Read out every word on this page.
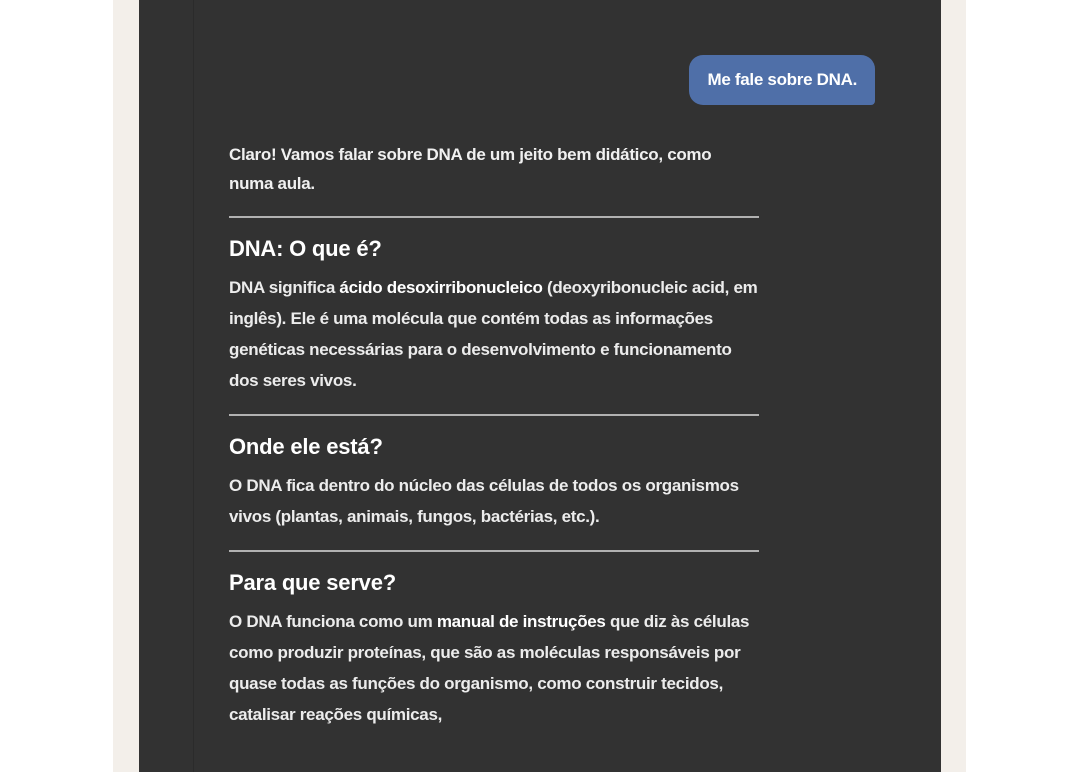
Me fale sobre DNA.

Claro! Vamos falar sobre DNA de um jeito bem didático, como numa aula.

DNA: O que é?

DNA significa ácido desoxirribonucleico (deoxyribonucleic acid, em inglês). Ele é uma molécula que contém todas as informações genéticas necessárias para o desenvolvimento e funcionamento dos seres vivos.

Onde ele está?

O DNA fica dentro do núcleo das células de todos os organismos vivos (plantas, animais, fungos, bactérias, etc.).

Para que serve?

O DNA funciona como um manual de instruções que diz às células como produzir proteínas, que são as moléculas responsáveis por quase todas as funções do organismo, como construir tecidos, catalisar reações químicas,
